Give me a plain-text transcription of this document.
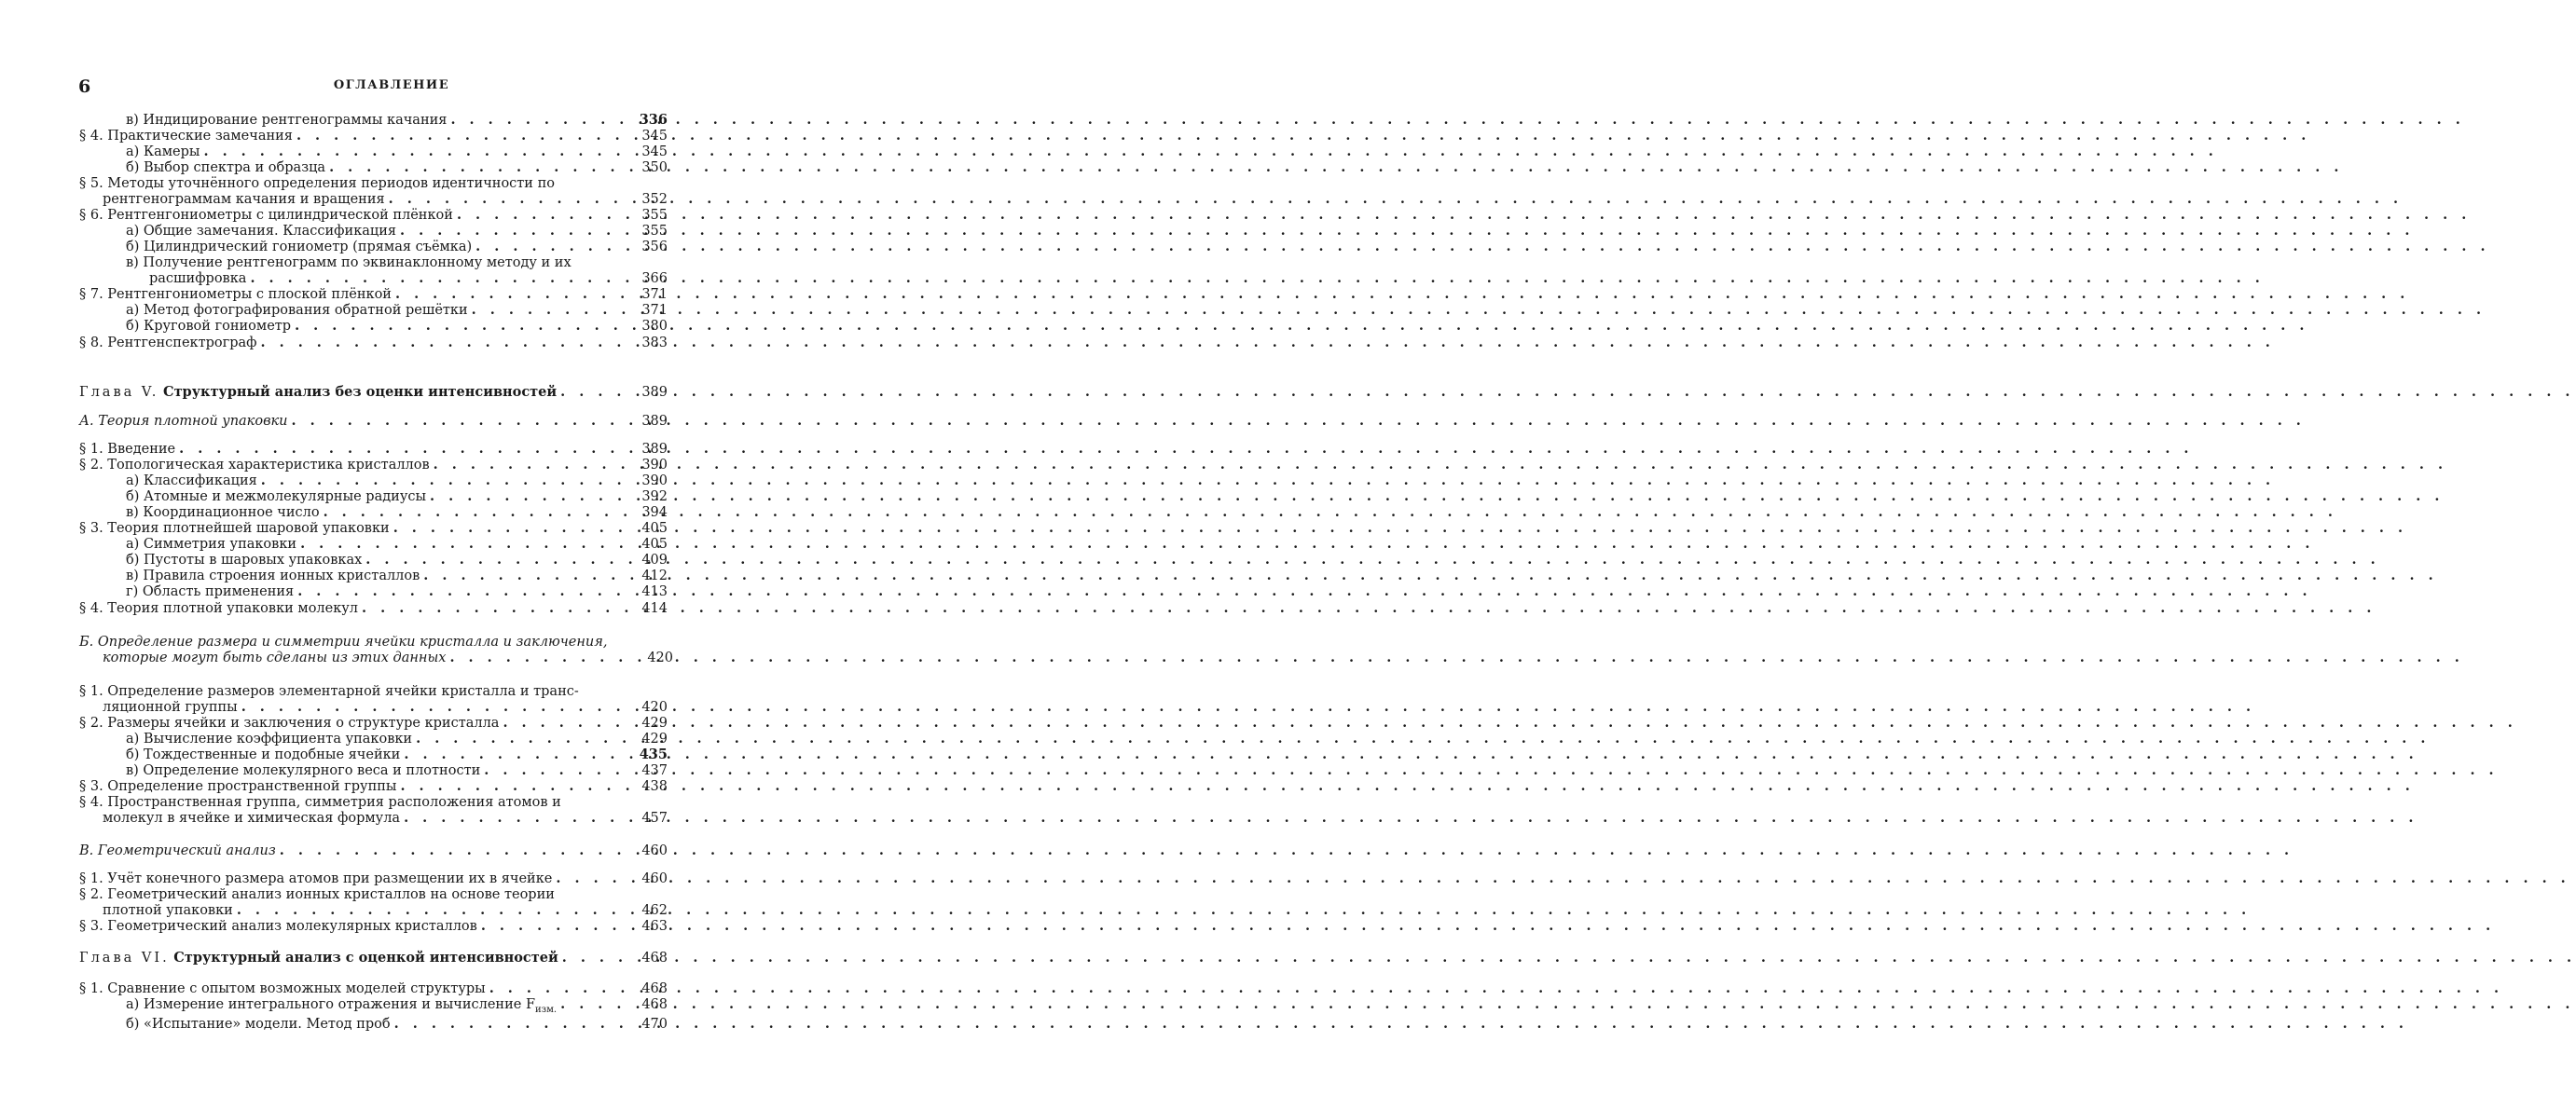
6	ОГЛАВЛЕНИЕ
в) Индицирование рентгенограммы качания . . .	336
§ 4. Практические замечания . . .	345
а) Камеры . . .	345
б) Выбор спектра и образца . . .	350
§ 5. Методы уточнённого определения периодов идентичности по
рентгенограммам качания и вращения . . .	352
§ 6. Рентгенгониометры с цилиндрической плёнкой . . .	355
а) Общие замечания. Классификация . . .	355
б) Цилиндрический гониометр (прямая съёмка) . . .	356
в) Получение рентгенограмм по эквинаклонному методу и их
расшифровка . . .	366
§ 7. Рентгенгониометры с плоской плёнкой . . .	371
а) Метод фотографирования обратной решётки . . .	371
б) Круговой гониометр . . .	380
§ 8. Рентгенспектрограф . . .	383
Глава V. Структурный анализ без оценки интенсивностей . . .	389
А. Теория плотной упаковки . . .	389
§ 1. Введение . . .	389
§ 2. Топологическая характеристика кристаллов . . .	390
а) Классификация . . .	390
б) Атомные и межмолекулярные радиусы . . .	392
в) Координационное число . . .	394
§ 3. Теория плотнейшей шаровой упаковки . . .	405
а) Симметрия упаковки . . .	405
б) Пустоты в шаровых упаковках . . .	409
в) Правила строения ионных кристаллов . . .	412
г) Область применения . . .	413
§ 4. Теория плотной упаковки молекул . . .	414
Б. Определение размера и симметрии ячейки кристалла и заключения,
которые могут быть сделаны из этих данных . . .	420
§ 1. Определение размеров элементарной ячейки кристалла и транс-
ляционной группы . . .	420
§ 2. Размеры ячейки и заключения о структуре кристалла . . .	429
а) Вычисление коэффициента упаковки . . .	429
б) Тождественные и подобные ячейки . . .	435
в) Определение молекулярного веса и плотности . . .	437
§ 3. Определение пространственной группы . . .	438
§ 4. Пространственная группа, симметрия расположения атомов и
молекул в ячейке и химическая формула . . .	457
В. Геометрический анализ . . .	460
§ 1. Учёт конечного размера атомов при размещении их в ячейке . . .	460
§ 2. Геометрический анализ ионных кристаллов на основе теории
плотной упаковки . . .	462
§ 3. Геометрический анализ молекулярных кристаллов . . .	463
Глава VI. Структурный анализ с оценкой интенсивностей . . .	468
§ 1. Сравнение с опытом возможных моделей структуры . . .	468
а) Измерение интегрального отражения и вычисление $F_{изм.}$ . . .	468
б) «Испытание» модели. Метод проб . . .	470
